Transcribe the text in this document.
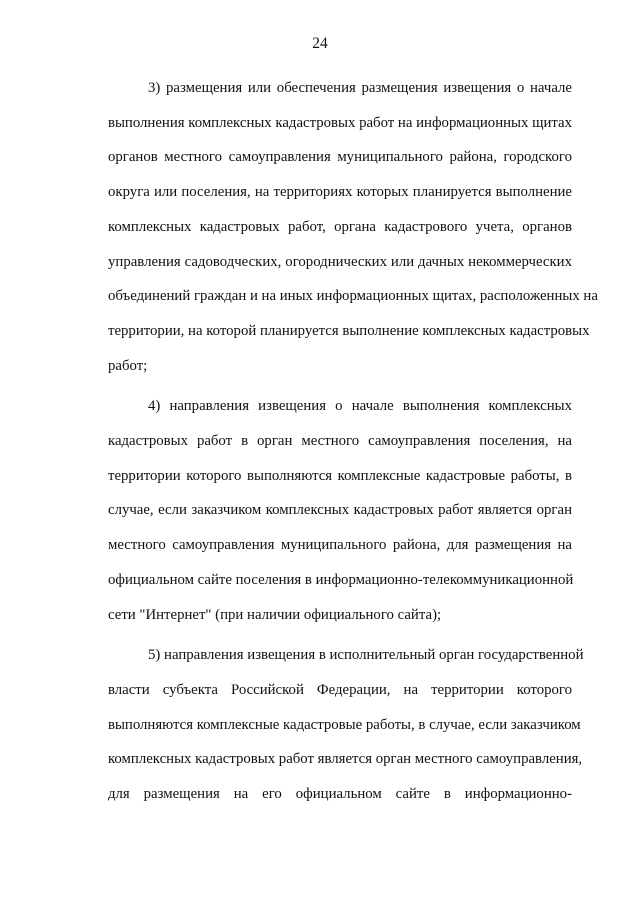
24
3) размещения или обеспечения размещения извещения о начале
выполнения комплексных кадастровых работ на информационных щитах
органов местного самоуправления муниципального района, городского
округа или поселения, на территориях которых планируется выполнение
комплексных кадастровых работ, органа кадастрового учета, органов
управления садоводческих, огороднических или дачных некоммерческих
объединений граждан и на иных информационных щитах, расположенных на
территории, на которой планируется выполнение комплексных кадастровых
работ;
4) направления извещения о начале выполнения комплексных
кадастровых работ в орган местного самоуправления поселения, на
территории которого выполняются комплексные кадастровые работы, в
случае, если заказчиком комплексных кадастровых работ является орган
местного самоуправления муниципального района, для размещения на
официальном сайте поселения в информационно-телекоммуникационной
сети "Интернет" (при наличии официального сайта);
5) направления извещения в исполнительный орган государственной
власти субъекта Российской Федерации, на территории которого
выполняются комплексные кадастровые работы, в случае, если заказчиком
комплексных кадастровых работ является орган местного самоуправления,
для размещения на его официальном сайте в информационно-
